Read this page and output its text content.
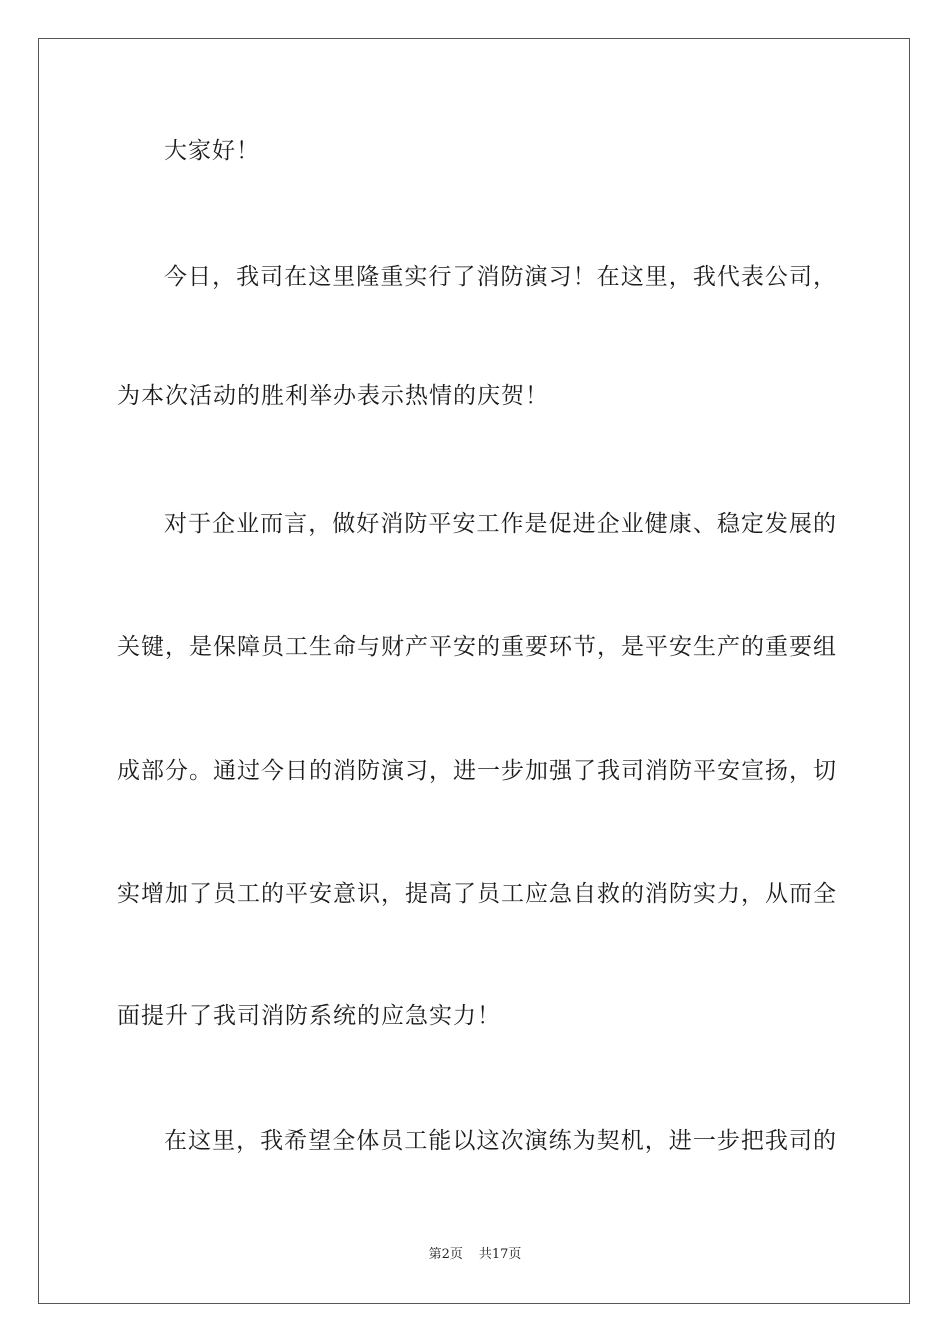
大家好！
今日，我司在这里隆重实行了消防演习！在这里，我代表公司，
为本次活动的胜利举办表示热情的庆贺！
对于企业而言，做好消防平安工作是促进企业健康、稳定发展的
关键，是保障员工生命与财产平安的重要环节，是平安生产的重要组
成部分。通过今日的消防演习，进一步加强了我司消防平安宣扬，切
实增加了员工的平安意识，提高了员工应急自救的消防实力，从而全
面提升了我司消防系统的应急实力！
在这里，我希望全体员工能以这次演练为契机，进一步把我司的
第2页 共17页
